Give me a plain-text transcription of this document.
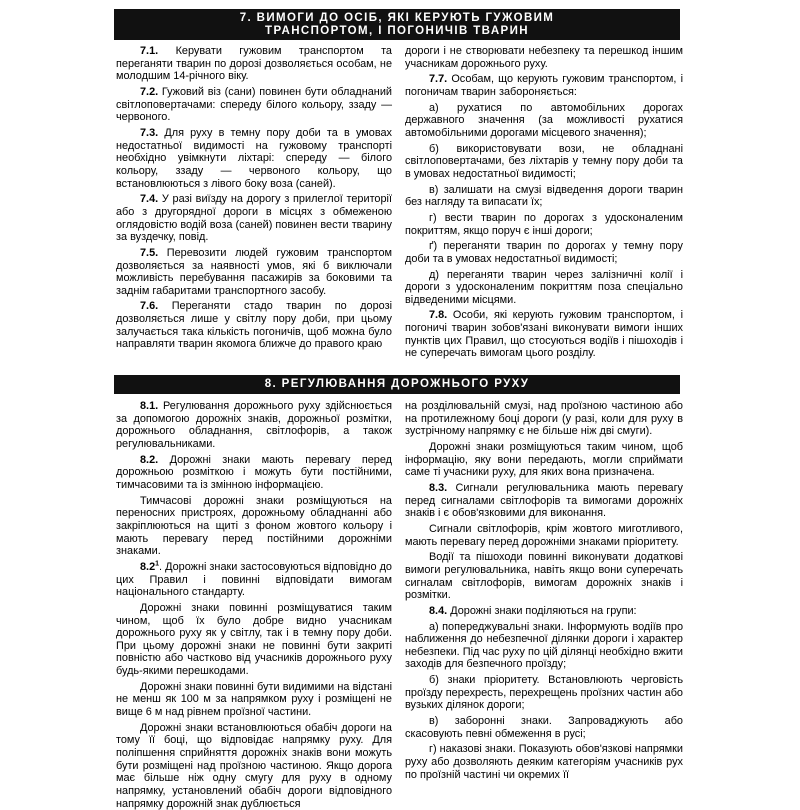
7. ВИМОГИ ДО ОСІБ, ЯКІ КЕРУЮТЬ ГУЖОВИМ
ТРАНСПОРТОМ, І ПОГОНИЧІВ ТВАРИН

7.1. Керувати гужовим транспортом та переганяти тварин по дорозі дозволяється особам, не молодшим 14-річного віку.

7.2. Гужовий віз (сани) повинен бути обладнаний світлоповертачами: спереду білого кольору, ззаду — червоного.

7.3. Для руху в темну пору доби та в умовах недостатньої видимості на гужовому транспорті необхідно увімкнути ліхтарі: спереду — білого кольору, ззаду — червоного кольору, що встановлюються з лівого боку воза (саней).

7.4. У разі виїзду на дорогу з прилеглої території або з другорядної дороги в місцях з обмеженою оглядовістю водій воза (саней) повинен вести тварину за вуздечку, повід.

7.5. Перевозити людей гужовим транспортом дозволяється за наявності умов, які б виключали можливість перебування пасажирів за боковими та заднім габаритами транспортного засобу.

7.6. Переганяти стадо тварин по дорозі дозволяється лише у світлу пору доби, при цьому залучається така кількість погоничів, щоб можна було направляти тварин якомога ближче до правого краю

дороги і не створювати небезпеку та перешкод іншим учасникам дорожнього руху.

7.7. Особам, що керують гужовим транспортом, і погоничам тварин забороняється:

а) рухатися по автомобільних дорогах державного значення (за можливості рухатися автомобільними дорогами місцевого значення);

б) використовувати вози, не обладнані світлоповертачами, без ліхтарів у темну пору доби та в умовах недостатньої видимості;

в) залишати на смузі відведення дороги тварин без нагляду та випасати їх;

г) вести тварин по дорогах з удосконаленим покриттям, якщо поруч є інші дороги;

ґ) переганяти тварин по дорогах у темну пору доби та в умовах недостатньої видимості;

д) переганяти тварин через залізничні колії і дороги з удосконаленим покриттям поза спеціально відведеними місцями.

7.8. Особи, які керують гужовим транспортом, і погоничі тварин зобов'язані виконувати вимоги інших пунктів цих Правил, що стосуються водіїв і пішоходів і не суперечать вимогам цього розділу.

8. РЕГУЛЮВАННЯ ДОРОЖНЬОГО РУХУ

8.1. Регулювання дорожнього руху здійснюється за допомогою дорожніх знаків, дорожньої розмітки, дорожнього обладнання, світлофорів, а також регулювальниками.

8.2. Дорожні знаки мають перевагу перед дорожньою розміткою і можуть бути постійними, тимчасовими та із змінною інформацією.

Тимчасові дорожні знаки розміщуються на переносних пристроях, дорожньому обладнанні або закріплюються на щиті з фоном жовтого кольору і мають перевагу перед постійними дорожніми знаками.

$8.2^1$. Дорожні знаки застосовуються відповідно до цих Правил і повинні відповідати вимогам національного стандарту.

Дорожні знаки повинні розміщуватися таким чином, щоб їх було добре видно учасникам дорожнього руху як у світлу, так і в темну пору доби. При цьому дорожні знаки не повинні бути закриті повністю або частково від учасників дорожнього руху будь-якими перешкодами.

Дорожні знаки повинні бути видимими на відстані не менш як 100 м за напрямком руху і розміщені не вище 6 м над рівнем проїзної частини.

Дорожні знаки встановлюються обабіч дороги на тому її боці, що відповідає напрямку руху. Для поліпшення сприйняття дорожніх знаків вони можуть бути розміщені над проїзною частиною. Якщо дорога має більше ніж одну смугу для руху в одному напрямку, установлений обабіч дороги відповідного напрямку дорожній знак дублюється

на розділювальній смузі, над проїзною частиною або на протилежному боці дороги (у разі, коли для руху в зустрічному напрямку є не більше ніж дві смуги).

Дорожні знаки розміщуються таким чином, щоб інформацію, яку вони передають, могли сприймати саме ті учасники руху, для яких вона призначена.

8.3. Сигнали регулювальника мають перевагу перед сигналами світлофорів та вимогами дорожніх знаків і є обов'язковими для виконання.

Сигнали світлофорів, крім жовтого миготливого, мають перевагу перед дорожніми знаками пріоритету.

Водії та пішоходи повинні виконувати додаткові вимоги регулювальника, навіть якщо вони суперечать сигналам світлофорів, вимогам дорожніх знаків і розмітки.

8.4. Дорожні знаки поділяються на групи:

а) попереджувальні знаки. Інформують водіїв про наближення до небезпечної ділянки дороги і характер небезпеки. Під час руху по цій ділянці необхідно вжити заходів для безпечного проїзду;

б) знаки пріоритету. Встановлюють черговість проїзду перехресть, перехрещень проїзних частин або вузьких ділянок дороги;

в) заборонні знаки. Запроваджують або скасовують певні обмеження в русі;

г) наказові знаки. Показують обов'язкові напрямки руху або дозволяють деяким категоріям учасників рух по проїзній частині чи окремих її
